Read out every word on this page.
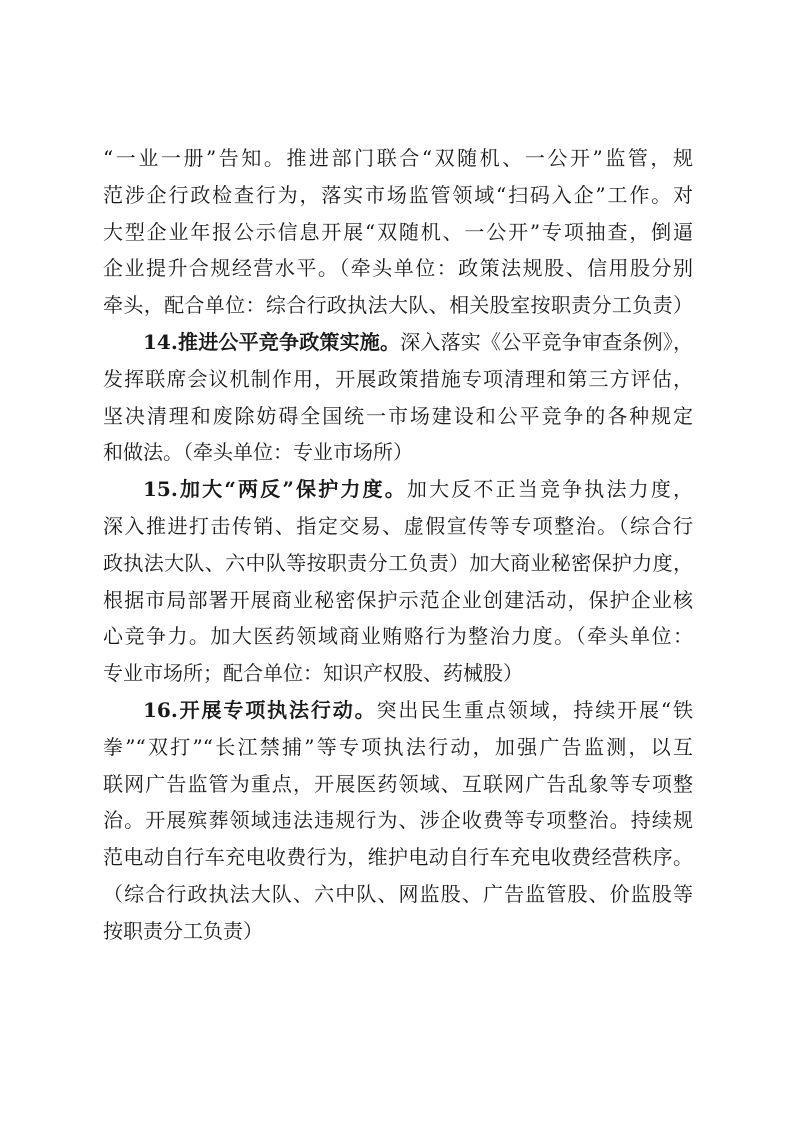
“一业一册”告知。推进部门联合“双随机、一公开”监管，规
范涉企行政检查行为，落实市场监管领域“扫码入企”工作。对
大型企业年报公示信息开展“双随机、一公开”专项抽查，倒逼
企业提升合规经营水平。（牵头单位：政策法规股、信用股分别
牵头，配合单位：综合行政执法大队、相关股室按职责分工负责）
14.推进公平竞争政策实施。深入落实《公平竞争审查条例》，
发挥联席会议机制作用，开展政策措施专项清理和第三方评估，
坚决清理和废除妨碍全国统一市场建设和公平竞争的各种规定
和做法。（牵头单位：专业市场所）
15.加大“两反”保护力度。加大反不正当竞争执法力度，
深入推进打击传销、指定交易、虚假宣传等专项整治。（综合行
政执法大队、六中队等按职责分工负责）加大商业秘密保护力度，
根据市局部署开展商业秘密保护示范企业创建活动，保护企业核
心竞争力。加大医药领域商业贿赂行为整治力度。（牵头单位：
专业市场所；配合单位：知识产权股、药械股）
16.开展专项执法行动。突出民生重点领域，持续开展“铁
拳”“双打”“长江禁捕”等专项执法行动，加强广告监测，以互
联网广告监管为重点，开展医药领域、互联网广告乱象等专项整
治。开展殡葬领域违法违规行为、涉企收费等专项整治。持续规
范电动自行车充电收费行为，维护电动自行车充电收费经营秩序。
（综合行政执法大队、六中队、网监股、广告监管股、价监股等
按职责分工负责）
